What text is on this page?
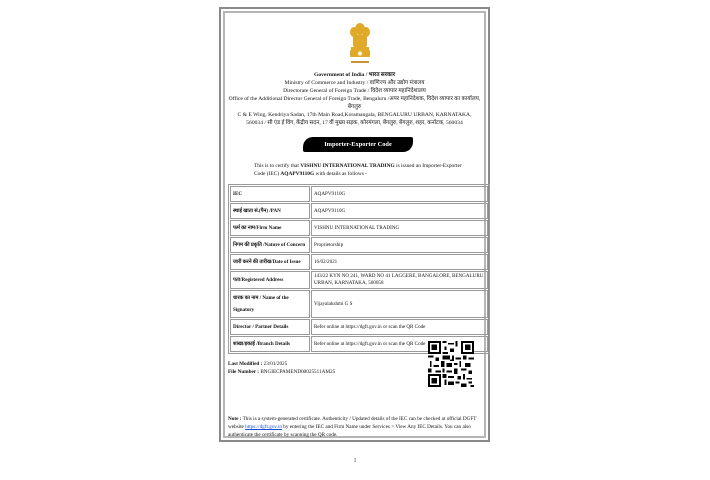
Government of India / भारत सरकार
Ministry of Commerce and Industry / वाणिज्य और उद्योग मंत्रालय
Directorate General of Foreign Trade / विदेश व्यापार महानिदेशालय
Office of the Additional Director General of Foreign Trade, Bengaluru /अपर महानिदेशक, विदेश व्यापार का कार्यालय, बेंगलुरु
C & E Wing, Kendriya Sadan, 17th Main Road,Koramangala, BENGALURU URBAN, KARNATAKA, 560034 / सी एंड ई विंग, केंद्रीय सदन, 17 वीं मुख्य सड़क, कोरमंगला, बेंगलुरु, बेंगलुरु, शहर, कर्नाटक, 560034
Importer-Exporter Code
This is to certify that VISHNU INTERNATIONAL TRADING is issued an Importer-Exporter Code (IEC) AQAPV9110G with details as follows -
IEC	AQAPV9110G
स्थाई खाता सं.(पैन) /PAN	AQAPV9110G
फर्म का नाम/Firm Name	VISHNU INTERNATIONAL TRADING
निगम की प्रकृति /Nature of Concern	Proprietorship
जारी करने की तारीख/Date of Issue	16/02/2021
पता/Registered Address	143/22 KYN NO 241, WARD NO 41 LAGGERE, BANGALORE, BENGALURU URBAN, KARNATAKA, 560058
धारक का नाम / Name of the Signatory	Vijayalakshmi G S
Director / Partner Details	Refer online at https://dgft.gov.in or scan the QR Code
शाखा/इकाई /Branch Details	Refer online at https://dgft.gov.in or scan the QR Code
Last Modified : 23/01/2025
File Number : BNGIECPAMEND00025511AM25
Note : This is a system-generated certificate. Authenticity / Updated details of the IEC can be checked at official DGFT website https://dgft.gov.in by entering the IEC and Firm Name under Services > View Any IEC Details. You can also authenticate the certificate by scanning the QR code.
1
